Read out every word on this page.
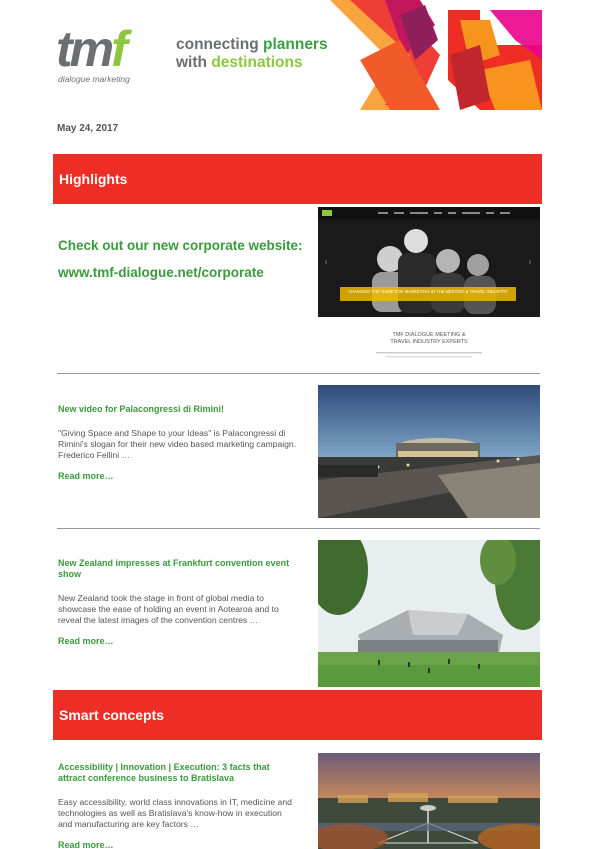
tmf
dialogue marketing
connecting planners
with destinations
May 24, 2017
Highlights
Check out our new corporate website:
www.tmf-dialogue.net/corporate
CHANGING THE GAME FOR MARKETING IN THE MEETING & TRAVEL INDUSTRY
‹	›
TMF DIALOGUE MEETING &
TRAVEL INDUSTRY EXPERTS
New video for Palacongressi di Rimini!
"Giving Space and Shape to your Ideas" is Palacongressi di Rimini's slogan for their new video based marketing campaign. Frederico Fellini …
Read more…
New Zealand impresses at Frankfurt convention event show
New Zealand took the stage in front of global media to showcase the ease of holding an event in Aotearoa and to reveal the latest images of the convention centres …
Read more…
Smart concepts
Accessibility | Innovation | Execution: 3 facts that attract conference business to Bratislava
Easy accessibility, world class innovations in IT, medicine and technologies as well as Bratislava's know-how in execution and manufacturing are key factors …
Read more…
